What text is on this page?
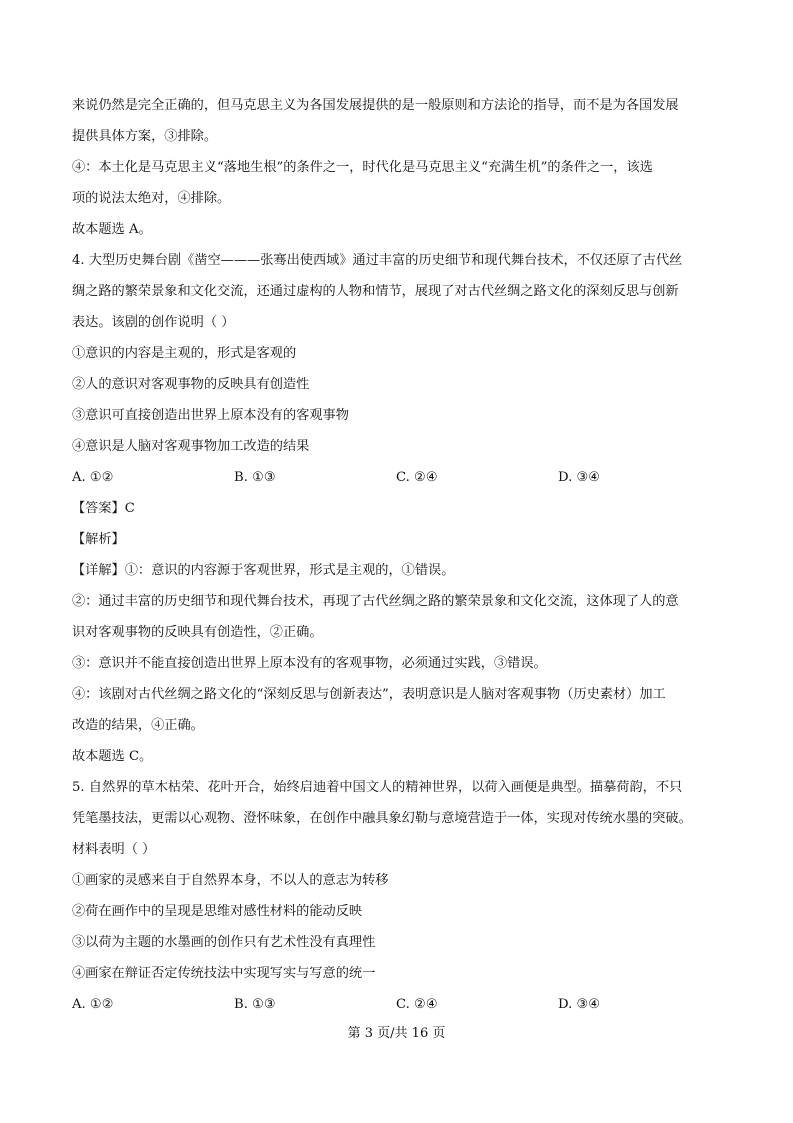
来说仍然是完全正确的，但马克思主义为各国发展提供的是一般原则和方法论的指导，而不是为各国发展
提供具体方案，③排除。
④：本土化是马克思主义“落地生根”的条件之一，时代化是马克思主义“充满生机”的条件之一，该选
项的说法太绝对，④排除。
故本题选 A。
4. 大型历史舞台剧《凿空———张骞出使西域》通过丰富的历史细节和现代舞台技术，不仅还原了古代丝
绸之路的繁荣景象和文化交流，还通过虚构的人物和情节，展现了对古代丝绸之路文化的深刻反思与创新
表达。该剧的创作说明（ ）
①意识的内容是主观的，形式是客观的
②人的意识对客观事物的反映具有创造性
③意识可直接创造出世界上原本没有的客观事物
④意识是人脑对客观事物加工改造的结果
A. ①②	B. ①③	C. ②④	D. ③④
【答案】C
【解析】
【详解】①：意识的内容源于客观世界，形式是主观的，①错误。
②：通过丰富的历史细节和现代舞台技术，再现了古代丝绸之路的繁荣景象和文化交流，这体现了人的意
识对客观事物的反映具有创造性，②正确。
③：意识并不能直接创造出世界上原本没有的客观事物，必须通过实践，③错误。
④：该剧对古代丝绸之路文化的“深刻反思与创新表达”，表明意识是人脑对客观事物（历史素材）加工
改造的结果，④正确。
故本题选 C。
5. 自然界的草木枯荣、花叶开合，始终启迪着中国文人的精神世界，以荷入画便是典型。描摹荷韵，不只
凭笔墨技法，更需以心观物、澄怀味象，在创作中融具象幻勒与意境营造于一体，实现对传统水墨的突破。
材料表明（ ）
①画家的灵感来自于自然界本身，不以人的意志为转移
②荷在画作中的呈现是思维对感性材料的能动反映
③以荷为主题的水墨画的创作只有艺术性没有真理性
④画家在辩证否定传统技法中实现写实与写意的统一
A. ①②	B. ①③	C. ②④	D. ③④
第 3 页/共 16 页
